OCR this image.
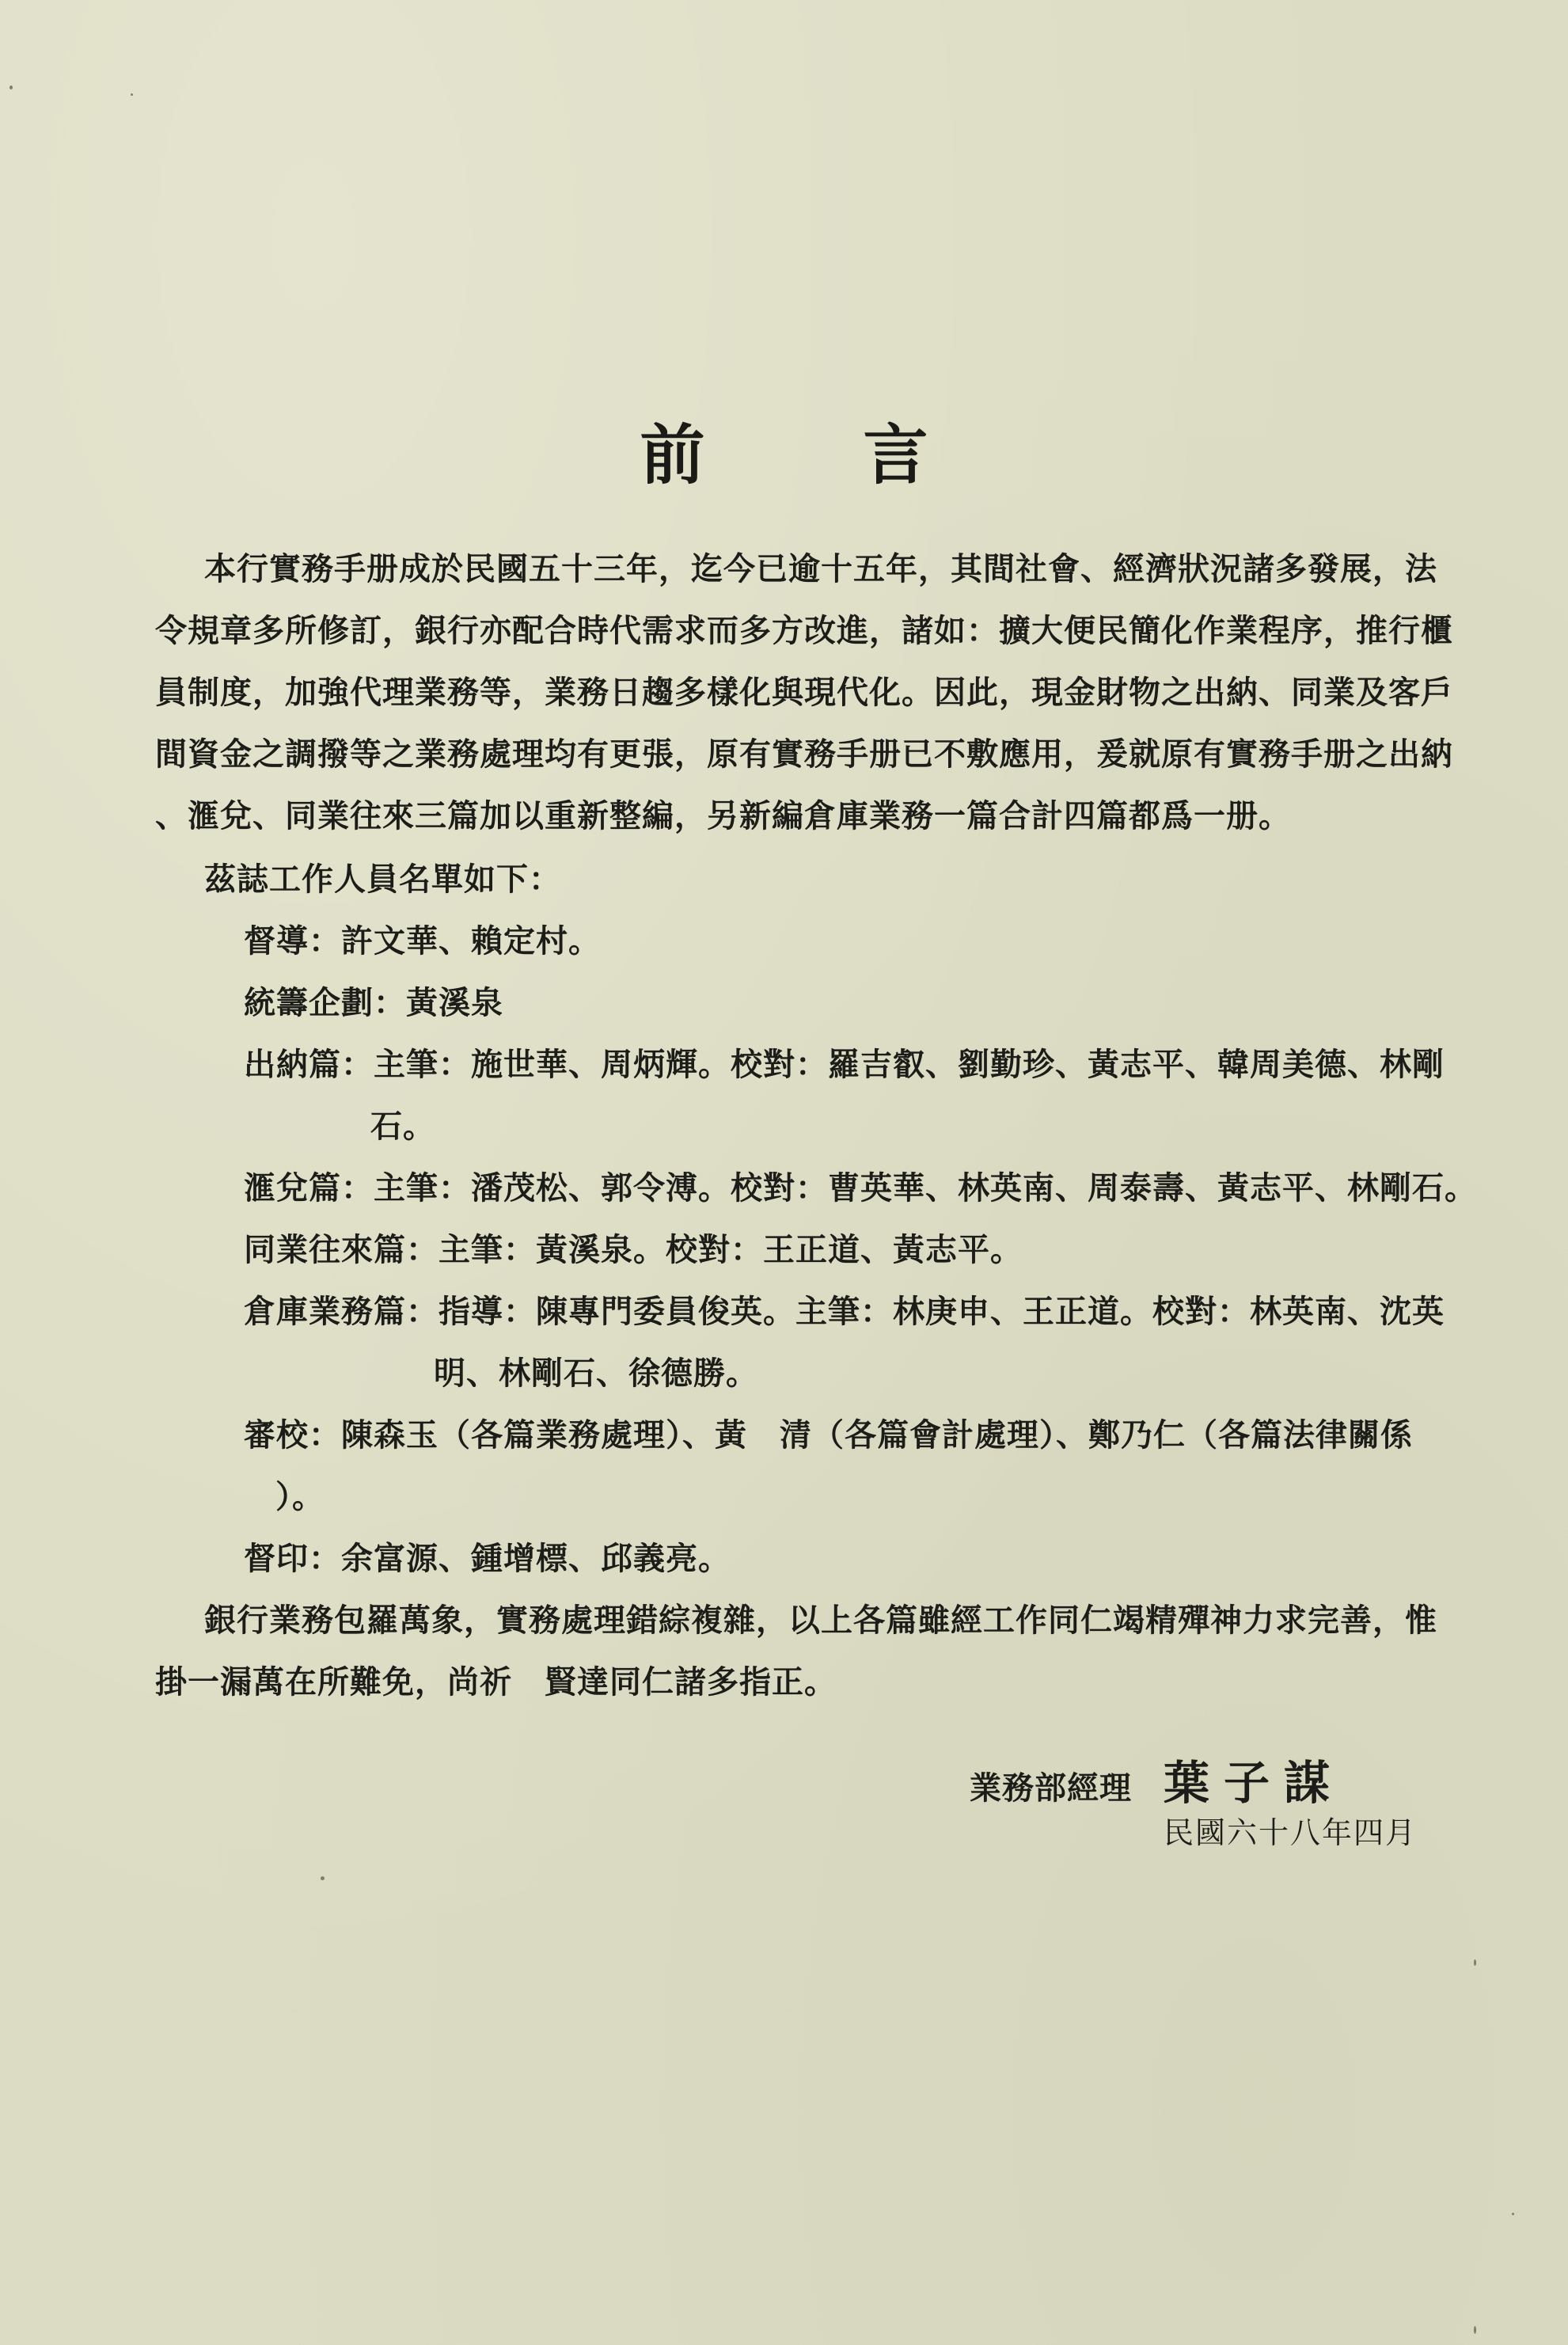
前 言
本行實務手册成於民國五十三年，迄今已逾十五年，其間社會、經濟狀況諸多發展，法
令規章多所修訂，銀行亦配合時代需求而多方改進，諸如：擴大便民簡化作業程序，推行櫃
員制度，加強代理業務等，業務日趨多樣化與現代化。因此，現金財物之出納、同業及客戶
間資金之調撥等之業務處理均有更張，原有實務手册已不敷應用，爰就原有實務手册之出納
、滙兌、同業往來三篇加以重新整編，另新編倉庫業務一篇合計四篇都爲一册。
茲誌工作人員名單如下：
督導： 許文華、賴定村。
統籌企劃： 黃溪泉
出納篇： 主筆：施世華、周炳輝。校對：羅吉叡、劉勤珍、黃志平、韓周美德、林剛
石。
滙兌篇： 主筆：潘茂松、郭令溥。校對：曹英華、林英南、周泰壽、黃志平、林剛石。
同業往來篇： 主筆：黃溪泉。校對：王正道、黃志平。
倉庫業務篇： 指導：陳專門委員俊英。主筆：林庚申、王正道。校對：林英南、沈英
明、林剛石、徐德勝。
審校： 陳森玉（各篇業務處理）、黃　清（各篇會計處理）、鄭乃仁（各篇法律關係
）。
督印： 余富源、鍾增標、邱義亮。
銀行業務包羅萬象，實務處理錯綜複雜，以上各篇雖經工作同仁竭精殫神力求完善，惟
掛一漏萬在所難免，尚祈　賢達同仁諸多指正。
業務部經理 葉子謀
民國六十八年四月
